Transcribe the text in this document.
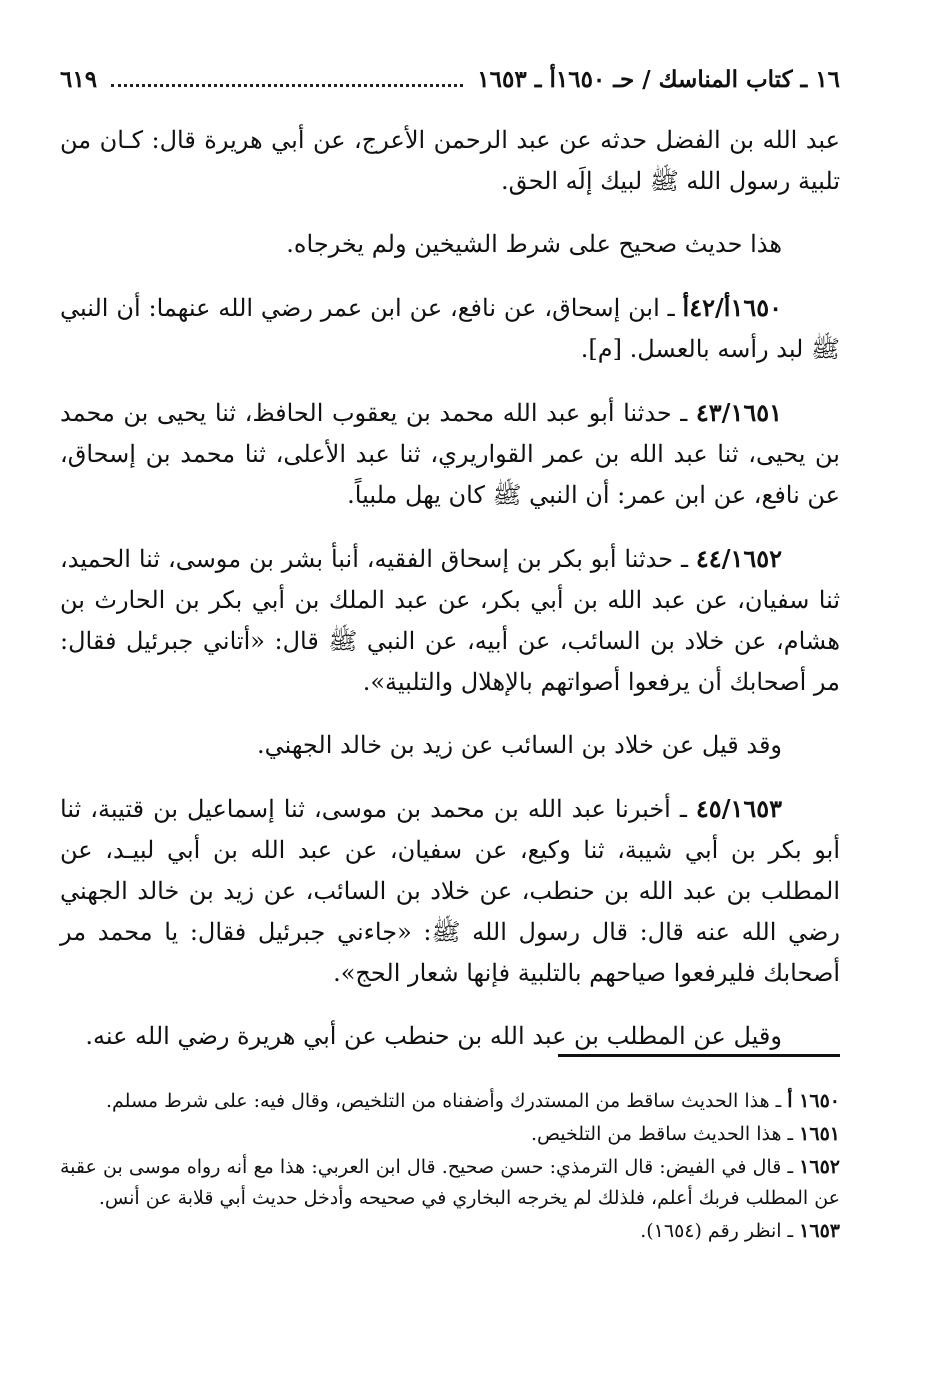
١٦ ـ كتاب المناسك / حـ ١٦٥٠أ ـ ١٦٥٣
٦١٩

عبد الله بن الفضل حدثه عن عبد الرحمن الأعرج، عن أبي هريرة قال: كـان من تلبية رسول الله ﷺ لبيك إلَه الحق.

هذا حديث صحيح على شرط الشيخين ولم يخرجاه.

١٦٥٠أ/٤٢أ ـ ابن إسحاق، عن نافع، عن ابن عمر رضي الله عنهما: أن النبي ﷺ لبد رأسه بالعسل. [م].

٤٣/١٦٥١ ـ حدثنا أبو عبد الله محمد بن يعقوب الحافظ، ثنا يحيى بن محمد بن يحيى، ثنا عبد الله بن عمر القواريري، ثنا عبد الأعلى، ثنا محمد بن إسحاق، عن نافع، عن ابن عمر: أن النبي ﷺ كان يهل ملبياً.

٤٤/١٦٥٢ ـ حدثنا أبو بكر بن إسحاق الفقيه، أنبأ بشر بن موسى، ثنا الحميد، ثنا سفيان، عن عبد الله بن أبي بكر، عن عبد الملك بن أبي بكر بن الحارث بن هشام، عن خلاد بن السائب، عن أبيه، عن النبي ﷺ قال: «أتاني جبرئيل فقال: مر أصحابك أن يرفعوا أصواتهم بالإهلال والتلبية».

وقد قيل عن خلاد بن السائب عن زيد بن خالد الجهني.

٤٥/١٦٥٣ ـ أخبرنا عبد الله بن محمد بن موسى، ثنا إسماعيل بن قتيبة، ثنا أبو بكر بن أبي شيبة، ثنا وكيع، عن سفيان، عن عبد الله بن أبي لبيـد، عن المطلب بن عبد الله بن حنطب، عن خلاد بن السائب، عن زيد بن خالد الجهني رضي الله عنه قال: قال رسول الله ﷺ: «جاءني جبرئيل فقال: يا محمد مر أصحابك فليرفعوا صياحهم بالتلبية فإنها شعار الحج».

وقيل عن المطلب بن عبد الله بن حنطب عن أبي هريرة رضي الله عنه.

١٦٥٠ أ ـ هذا الحديث ساقط من المستدرك وأضفناه من التلخيص، وقال فيه: على شرط مسلم.

١٦٥١ ـ هذا الحديث ساقط من التلخيص.

١٦٥٢ ـ قال في الفيض: قال الترمذي: حسن صحيح. قال ابن العربي: هذا مع أنه رواه موسى بن عقبة عن المطلب فربك أعلم، فلذلك لم يخرجه البخاري في صحيحه وأدخل حديث أبي قلابة عن أنس.

١٦٥٣ ـ انظر رقم (١٦٥٤).
